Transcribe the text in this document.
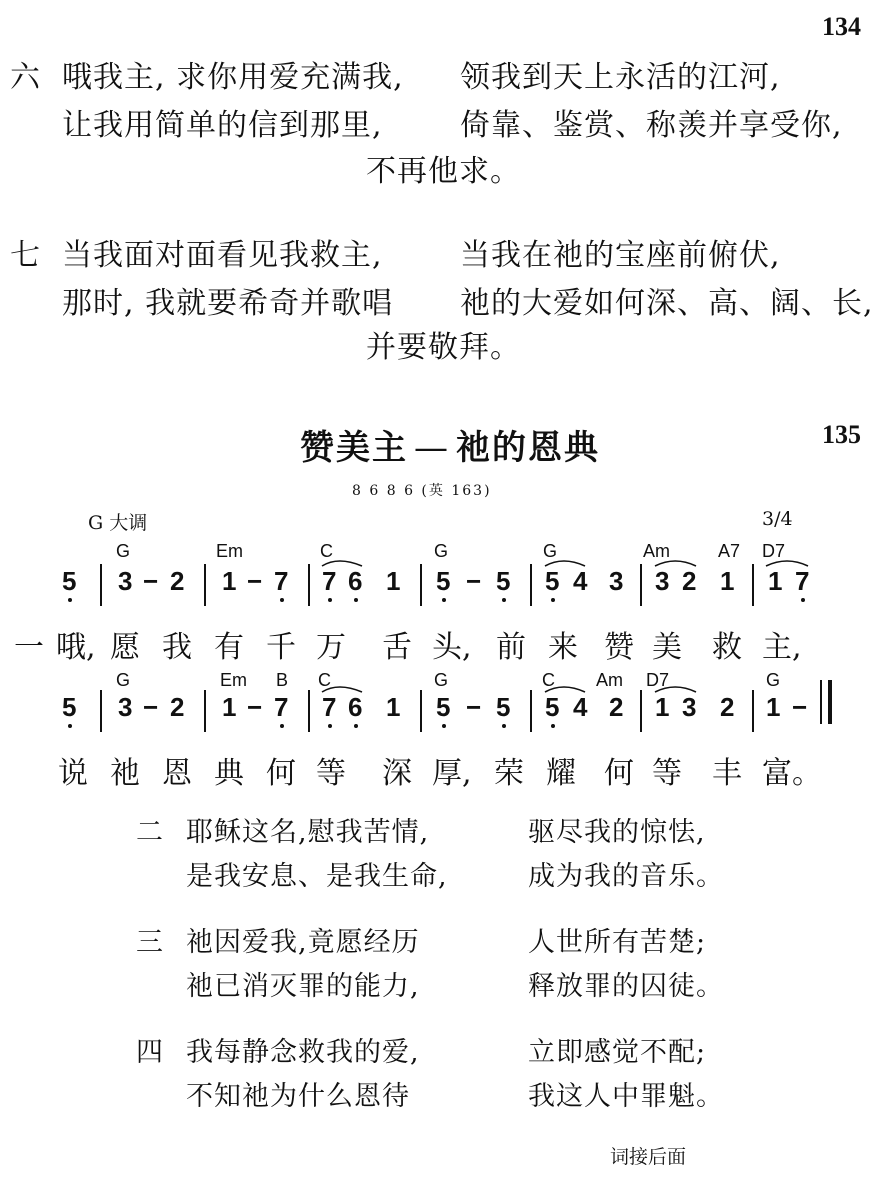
134
六 哦我主, 求你用爱充满我, 领我到天上永活的江河,
让我用简单的信到那里,	倚靠、鉴赏、称羡并享受你,
不再他求。
七 当我面对面看见我救主,	当我在祂的宝座前俯伏,
那时, 我就要希奇并歌唱 祂的大爱如何深、高、阔、长,
并要敬拜。
赞美主 — 祂的恩典	135
8 6 8 6 (英 163)
G 大调	3/4
G	Em	C	G	G	Am	A7 D7
5 3 − 2 1 − 7 7 6 1 5 − 5 5 4 3 3 2 1 1 7
一 哦, 愿 我 有 千 万 舌 头, 前 来 赞 美 救 主,
G	Em B C	G	C Am D7	G
5 3 − 2 1 − 7 7 6 1 5 − 5 5 4 2 1 3 2 1 −
说 祂 恩 典 何 等 深 厚, 荣 耀 何 等 丰 富。
二 耶稣这名,慰我苦情,	驱尽我的惊怯,
是我安息、是我生命,	成为我的音乐。
三 祂因爱我,竟愿经历	人世所有苦楚;
祂已消灭罪的能力,	释放罪的囚徒。
四 我每静念救我的爱,	立即感觉不配;
不知祂为什么恩待	我这人中罪魁。
词接后面
